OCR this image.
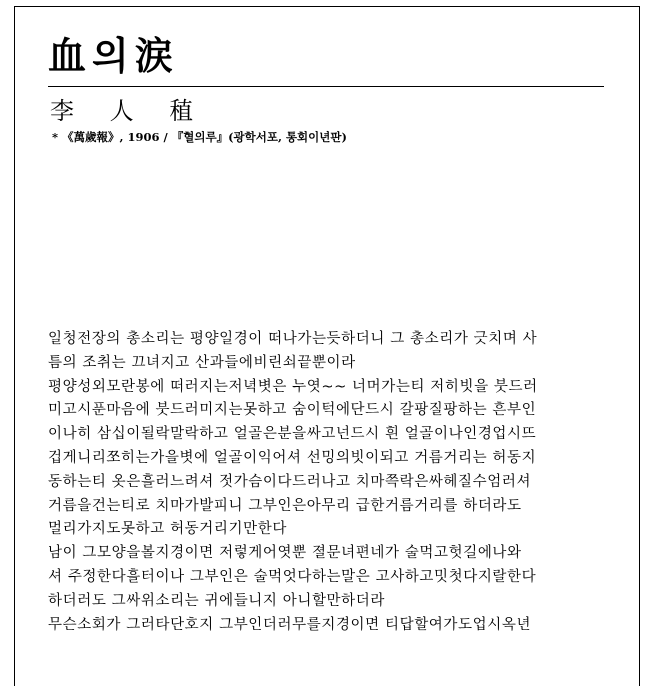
血의涙
李 人 稙
* 《萬歲報》, 1906 / 『혈의루』(광학서포, 통회이년판)
일청전장의 총소리는 평양일경이 떠나가는듯하더니 그 총소리가 긋치며 사
틈의 조취는 끄녀지고 산과들에비린쇠끝뿐이라
평양성외모란봉에 떠러지는저녁볏은 누엿~~ 너머가는티 저히빗을 붓드러
미고시푼마음에 붓드러미지는못하고 숨이턱에단드시 갈팡질팡하는 흔부인
이나히 삼십이될락말락하고 얼골은분을싸고넌드시 흰 얼골이나인경업시뜨
겁게니리쪼히는가을볏에 얼골이익어셔 선밍의빗이되고 거름거리는 허동지
동하는티 옷은흘러느려셔 젓가슴이다드러나고 치마쯕락은싸헤질수엄러셔
거름을건는티로 치마가발피니 그부인은아무리 급한거름거리를 하더라도
멀리가지도못하고 허동거리기만한다
남이 그모양을볼지경이면 저렇게어엿뿐 졀문녀편네가 술먹고헛길에나와
셔 주정한다흘터이나 그부인은 술먹엇다하는말은 고사하고밋첫다지랄한다
하더러도 그싸위소리는 귀에들니지 아니할만하더라
무슨소회가 그러타단호지 그부인더러무를지경이면 티답할여가도업시옥년
